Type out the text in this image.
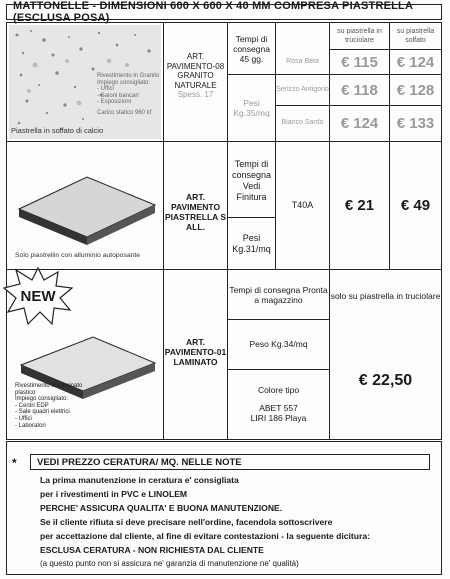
MATTONELLE - DIMENSIONI 600 X 600 X 40 MM COMPRESA PIASTRELLA (ESCLUSA POSA)
su piastrella in truciolare
su piastrella solfato
Rivestimento in Granito
Impiego consigliato:
- Uffici
- Saloni bancari
- Esposizioni
Carico statico 960 kf
Piastrella in solfato di calcio
ART. PAVIMENTO-08 GRANITO NATURALE
Spess. 17
Tempi di consegna 45 gg.
Pesi Kg.35/mq
Rosa Beta	€ 115	€ 124
Serizzo Antigorio € 118	€ 128
Bianco Sardo	€ 124	€ 133
Solo piastrellin con alluminio autoposante
ART. PAVIMENTO PIASTRELLA S ALL.
Tempi di consegna Vedi Finitura
Pesi Kg.31/mq
T40A	€ 21	€ 49
Rivestimento in Laminato plastico
Impiego consigliato:
- Centri EDP
- Sale quadri elettrici
- Uffici
- Laboratori
ART. PAVIMENTO-01 LAMINATO
Tempi di consegna Pronta a magazzino
Peso Kg.34/mq
Colore tipo
ABET 557
LIRI 186 Playa
solo su piastrella in truciolare
€ 22,50
NEW
*	VEDI PREZZO CERATURA/ MQ. NELLE NOTE
La prima manutenzione in ceratura e' consigliata
per i rivestimenti in PVC e LINOLEM
PERCHE' ASSICURA QUALITA' E BUONA MANUTENZIONE.
Se il cliente rifiuta si deve precisare nell'ordine, facendola sottoscrivere
per accettazione dal cliente, al fine di evitare contestazioni - la seguente dicitura:
ESCLUSA CERATURA - NON RICHIESTA DAL CLIENTE
(a questo punto non si assicura ne' garanzia di manutenzione ne' qualità)
